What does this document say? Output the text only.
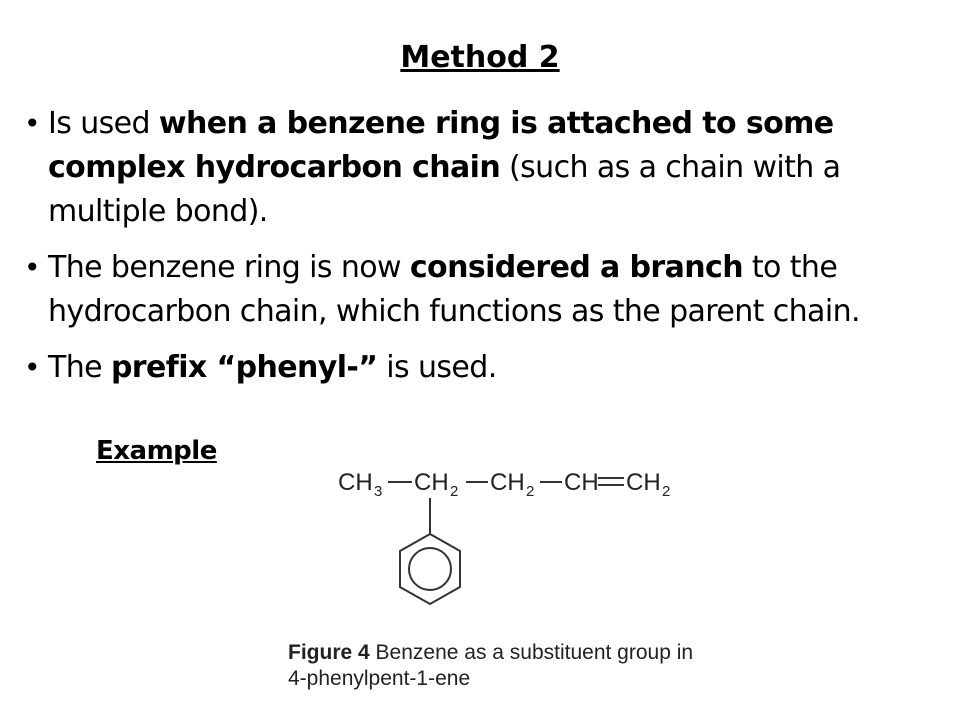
Method 2
• Is used when a benzene ring is attached to some complex hydrocarbon chain (such as a chain with a multiple bond).
• The benzene ring is now considered a branch to the hydrocarbon chain, which functions as the parent chain.
• The prefix “phenyl-” is used.
Example
CH 3 CH 2 CH 2 CH CH 2
Figure 4 Benzene as a substituent group in 4-phenylpent-1-ene
